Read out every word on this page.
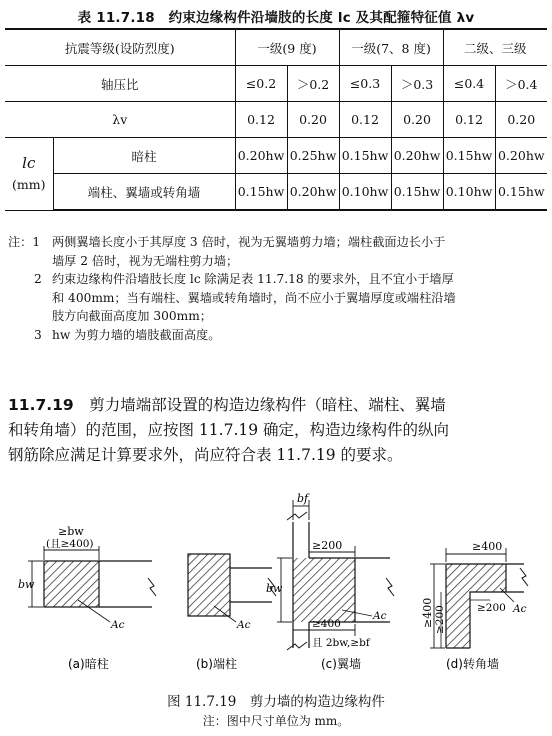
表 11.7.18　约束边缘构件沿墙肢的长度 lc 及其配箍特征值 λv
抗震等级(设防烈度)		一级(9 度)		一级(7、8 度)		二级、三级	
轴压比		≤0.2	＞0.2	≤0.3	＞0.3	≤0.4	＞0.4
λv		0.12	0.20	0.12	0.20	0.12	0.20

lc
(mm)	暗柱	0.20hw	0.25hw	0.15hw	0.20hw	0.15hw	0.20hw
	端柱、翼墙或转角墙	0.15hw	0.20hw	0.10hw	0.15hw	0.10hw	0.15hw
注：1 两侧翼墙长度小于其厚度 3 倍时，视为无翼墙剪力墙；端柱截面边长小于
墙厚 2 倍时，视为无端柱剪力墙；
2 约束边缘构件沿墙肢长度 lc 除满足表 11.7.18 的要求外，且不宜小于墙厚
和 400mm；当有端柱、翼墙或转角墙时，尚不应小于翼墙厚度或端柱沿墙
肢方向截面高度加 300mm；
3 hw 为剪力墙的墙肢截面高度。
11.7.19　 剪力墙端部设置的构造边缘构件（暗柱、端柱、翼墙
和转角墙）的范围，应按图 11.7.19 确定，构造边缘构件的纵向
钢筋除应满足计算要求外，尚应符合表 11.7.19 的要求。
≥bw
(且≥400)
bw
Ac
(a)暗柱
Ac
(b)端柱
bf
≥200
bw
≥400
且 2bw,≥bf
Ac
(c)翼墙
≥400
≥400 ≥200	≥200 Ac
(d)转角墙
图 11.7.19　剪力墙的构造边缘构件
注：图中尺寸单位为 mm。
